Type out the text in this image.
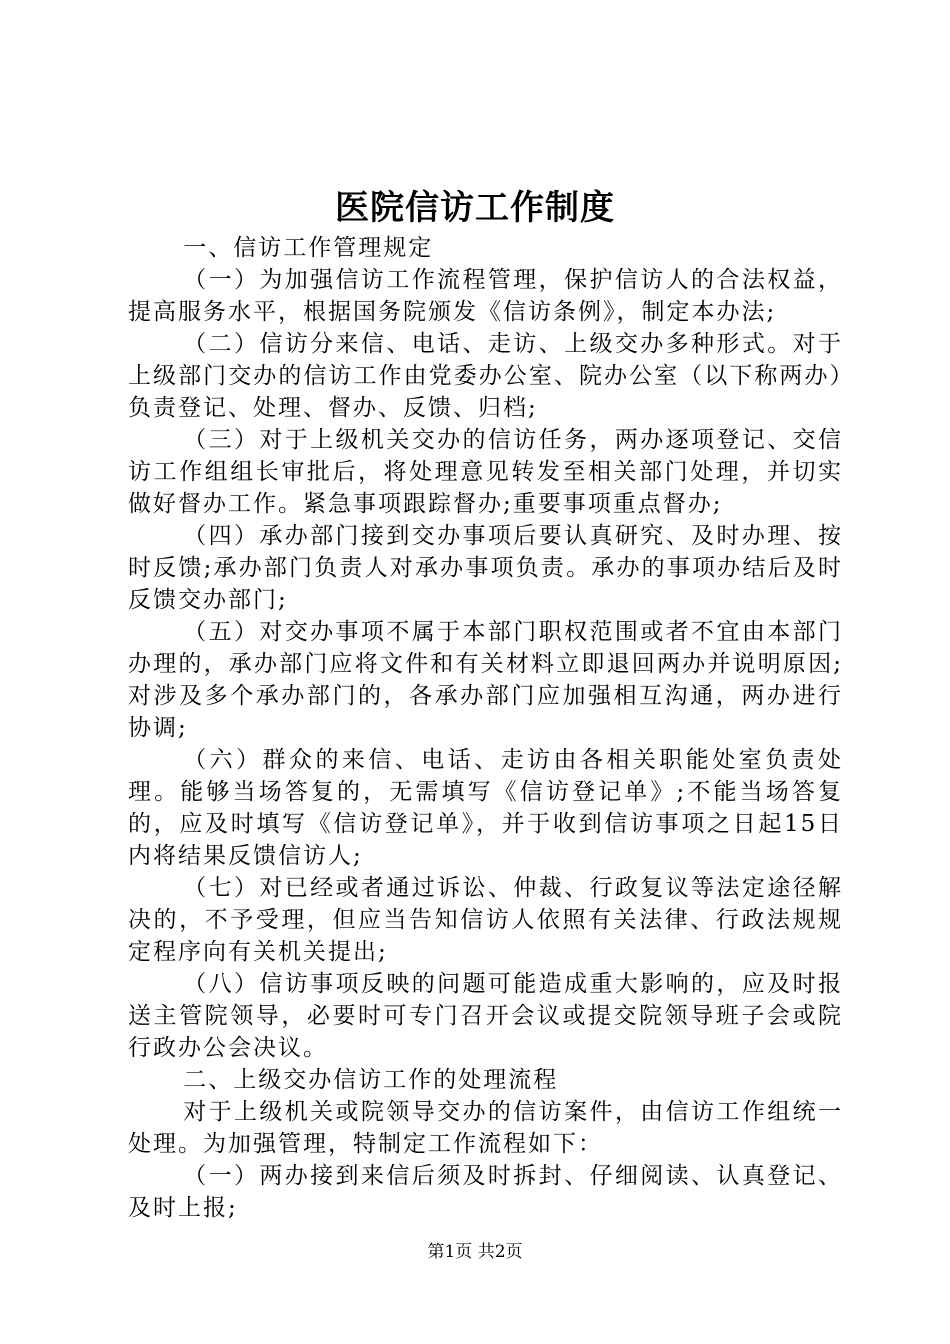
医院信访工作制度

一、信访工作管理规定

（一）为加强信访工作流程管理，保护信访人的合法权益，提高服务水平，根据国务院颁发《信访条例》，制定本办法;

（二）信访分来信、电话、走访、上级交办多种形式。对于上级部门交办的信访工作由党委办公室、院办公室（以下称两办）负责登记、处理、督办、反馈、归档;

（三）对于上级机关交办的信访任务，两办逐项登记、交信访工作组组长审批后，将处理意见转发至相关部门处理，并切实做好督办工作。紧急事项跟踪督办;重要事项重点督办;

（四）承办部门接到交办事项后要认真研究、及时办理、按时反馈;承办部门负责人对承办事项负责。承办的事项办结后及时反馈交办部门;

（五）对交办事项不属于本部门职权范围或者不宜由本部门办理的，承办部门应将文件和有关材料立即退回两办并说明原因;对涉及多个承办部门的，各承办部门应加强相互沟通，两办进行协调;

（六）群众的来信、电话、走访由各相关职能处室负责处理。能够当场答复的，无需填写《信访登记单》;不能当场答复的，应及时填写《信访登记单》，并于收到信访事项之日起15日内将结果反馈信访人;

（七）对已经或者通过诉讼、仲裁、行政复议等法定途径解决的，不予受理，但应当告知信访人依照有关法律、行政法规规定程序向有关机关提出;

（八）信访事项反映的问题可能造成重大影响的，应及时报送主管院领导，必要时可专门召开会议或提交院领导班子会或院行政办公会决议。

二、上级交办信访工作的处理流程

对于上级机关或院领导交办的信访案件，由信访工作组统一处理。为加强管理，特制定工作流程如下：

（一）两办接到来信后须及时拆封、仔细阅读、认真登记、及时上报;

第1页 共2页
